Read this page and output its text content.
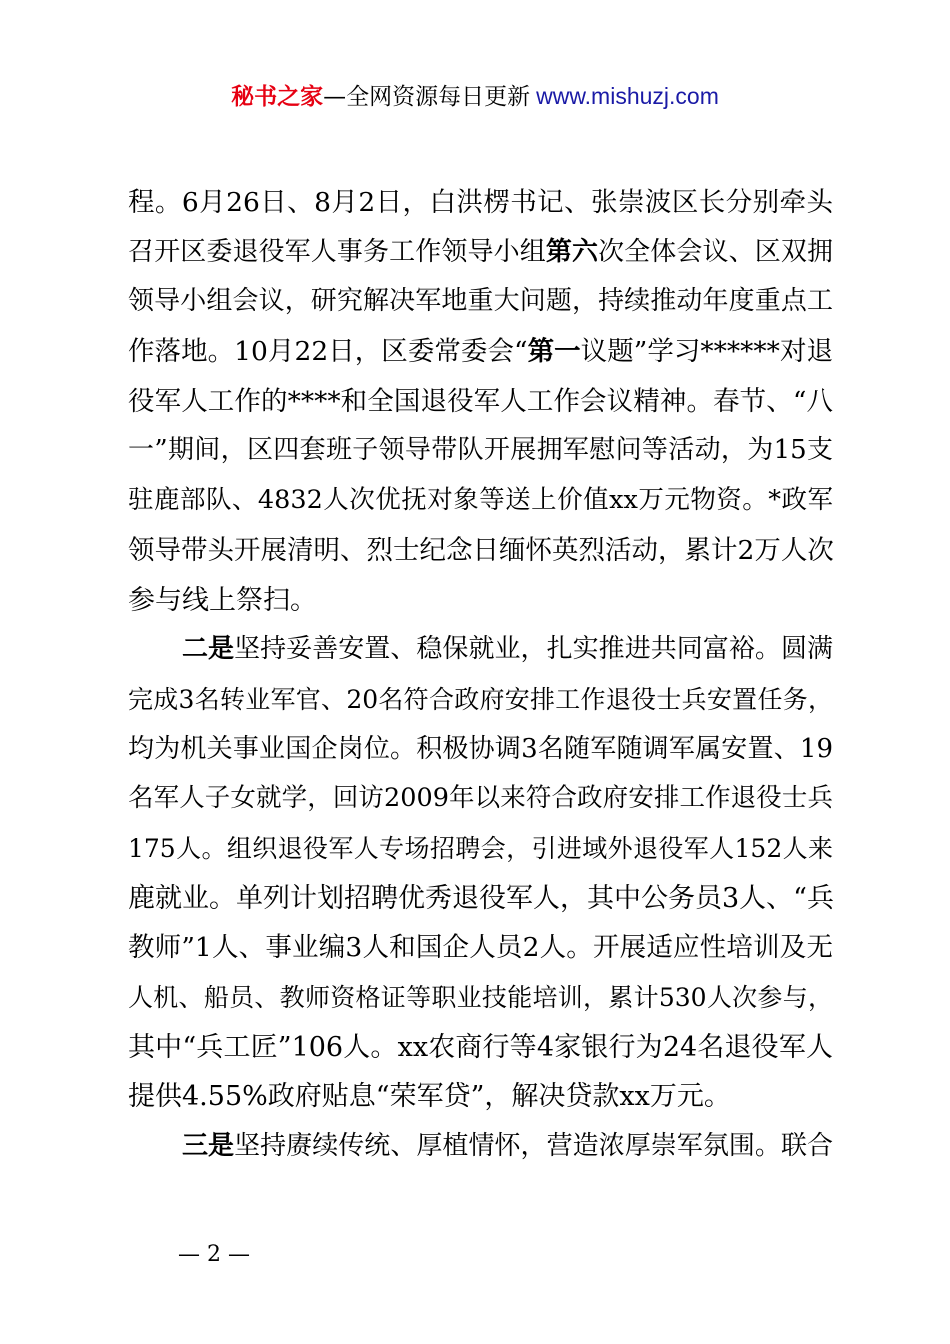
秘书之家—全网资源每日更新 www.mishuzj.com
程。6月26日、8月2日，白洪楞书记、张崇波区长分别牵头
召开区委退役军人事务工作领导小组第六次全体会议、区双拥
领导小组会议，研究解决军地重大问题，持续推动年度重点工
作落地。10月22日，区委常委会“第一议题”学习******对退
役军人工作的****和全国退役军人工作会议精神。春节、“八
一”期间，区四套班子领导带队开展拥军慰问等活动，为15支
驻鹿部队、4832人次优抚对象等送上价值xx万元物资。*政军
领导带头开展清明、烈士纪念日缅怀英烈活动，累计2万人次
参与线上祭扫。
二是坚持妥善安置、稳保就业，扎实推进共同富裕。圆满
完成3名转业军官、20名符合政府安排工作退役士兵安置任务，
均为机关事业国企岗位。积极协调3名随军随调军属安置、19
名军人子女就学，回访2009年以来符合政府安排工作退役士兵
175人。组织退役军人专场招聘会，引进域外退役军人152人来
鹿就业。单列计划招聘优秀退役军人，其中公务员3人、“兵
教师”1人、事业编3人和国企人员2人。开展适应性培训及无
人机、船员、教师资格证等职业技能培训，累计530人次参与，
其中“兵工匠”106人。xx农商行等4家银行为24名退役军人
提供4.55%政府贴息“荣军贷”，解决贷款xx万元。
三是坚持赓续传统、厚植情怀，营造浓厚崇军氛围。联合
— 2 —
